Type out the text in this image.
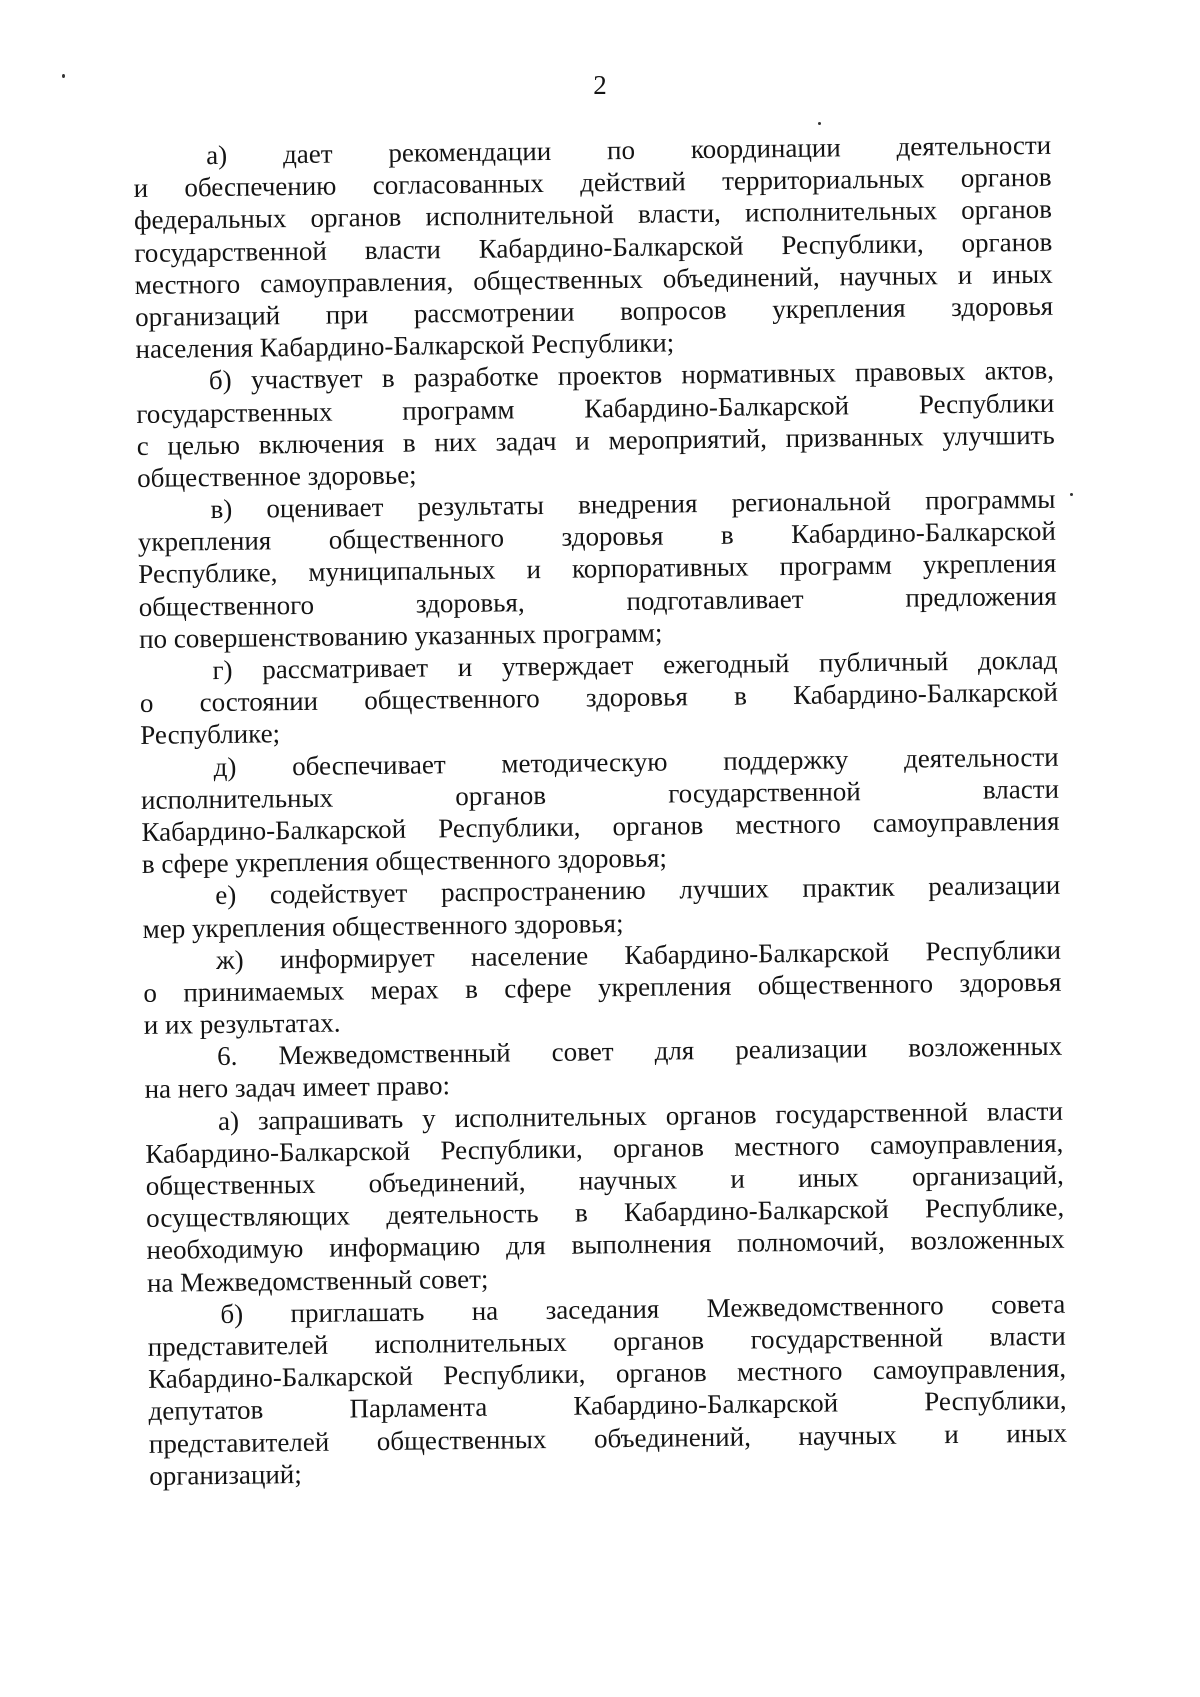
2
а) дает рекомендации по координации деятельности
и обеспечению согласованных действий территориальных органов
федеральных органов исполнительной власти, исполнительных органов
государственной власти Кабардино-Балкарской Республики, органов
местного самоуправления, общественных объединений, научных и иных
организаций при рассмотрении вопросов укрепления здоровья
населения Кабардино-Балкарской Республики;
б) участвует в разработке проектов нормативных правовых актов,
государственных программ Кабардино-Балкарской Республики
с целью включения в них задач и мероприятий, призванных улучшить
общественное здоровье;
в) оценивает результаты внедрения региональной программы
укрепления общественного здоровья в Кабардино-Балкарской
Республике, муниципальных и корпоративных программ укрепления
общественного здоровья, подготавливает предложения
по совершенствованию указанных программ;
г) рассматривает и утверждает ежегодный публичный доклад
о состоянии общественного здоровья в Кабардино-Балкарской
Республике;
д) обеспечивает методическую поддержку деятельности
исполнительных органов государственной власти
Кабардино-Балкарской Республики, органов местного самоуправления
в сфере укрепления общественного здоровья;
е) содействует распространению лучших практик реализации
мер укрепления общественного здоровья;
ж) информирует население Кабардино-Балкарской Республики
о принимаемых мерах в сфере укрепления общественного здоровья
и их результатах.
6. Межведомственный совет для реализации возложенных
на него задач имеет право:
а) запрашивать у исполнительных органов государственной власти
Кабардино-Балкарской Республики, органов местного самоуправления,
общественных объединений, научных и иных организаций,
осуществляющих деятельность в Кабардино-Балкарской Республике,
необходимую информацию для выполнения полномочий, возложенных
на Межведомственный совет;
б) приглашать на заседания Межведомственного совета
представителей исполнительных органов государственной власти
Кабардино-Балкарской Республики, органов местного самоуправления,
депутатов Парламента Кабардино-Балкарской Республики,
представителей общественных объединений, научных и иных
организаций;
